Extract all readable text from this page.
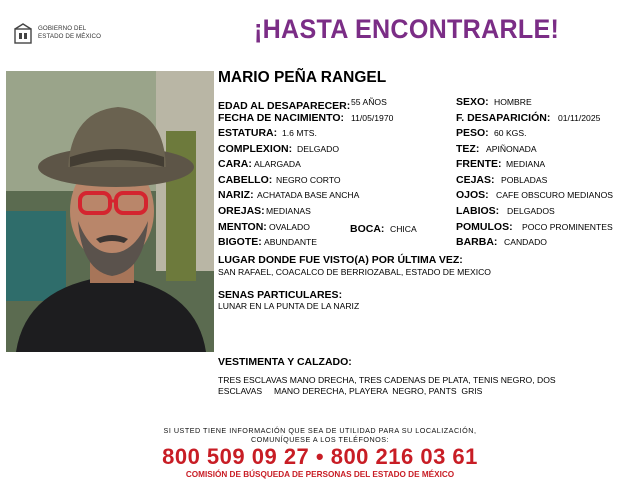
GOBIERNO DEL
ESTADO DE MÉXICO	¡HASTA ENCONTRARLE!
MARIO PEÑA RANGEL
EDAD AL DESAPARECER: 55 AÑOS
FECHA DE NACIMIENTO: 11/05/1970
ESTATURA: 1.6 MTS.
COMPLEXION: DELGADO
CARA: ALARGADA
CABELLO: NEGRO CORTO
NARIZ: ACHATADA BASE ANCHA
OREJAS: MEDIANAS
MENTON: OVALADO	BOCA: CHICA
BIGOTE: ABUNDANTE
SEXO: HOMBRE
F. DESAPARICIÓN: 01/11/2025
PESO: 60 KGS.
TEZ: APIÑONADA
FRENTE: MEDIANA
CEJAS: POBLADAS
OJOS: CAFE OBSCURO MEDIANOS
LABIOS: DELGADOS
POMULOS: POCO PROMINENTES
BARBA: CANDADO
LUGAR DONDE FUE VISTO(A) POR ÚLTIMA VEZ:
SAN RAFAEL, COACALCO DE BERRIOZABAL, ESTADO DE MEXICO
SENAS PARTICULARES:
LUNAR EN LA PUNTA DE LA NARIZ
VESTIMENTA Y CALZADO:
TRES ESCLAVAS MANO DRECHA, TRES CADENAS DE PLATA, TENIS NEGRO, DOS
ESCLAVAS     MANO DERECHA, PLAYERA  NEGRO, PANTS  GRIS
SI USTED TIENE INFORMACIÓN QUE SEA DE UTILIDAD PARA SU LOCALIZACIÓN,
COMUNÍQUESE A LOS TELÉFONOS:
800 509 09 27 • 800 216 03 61
COMISIÓN DE BÚSQUEDA DE PERSONAS DEL ESTADO DE MÉXICO
